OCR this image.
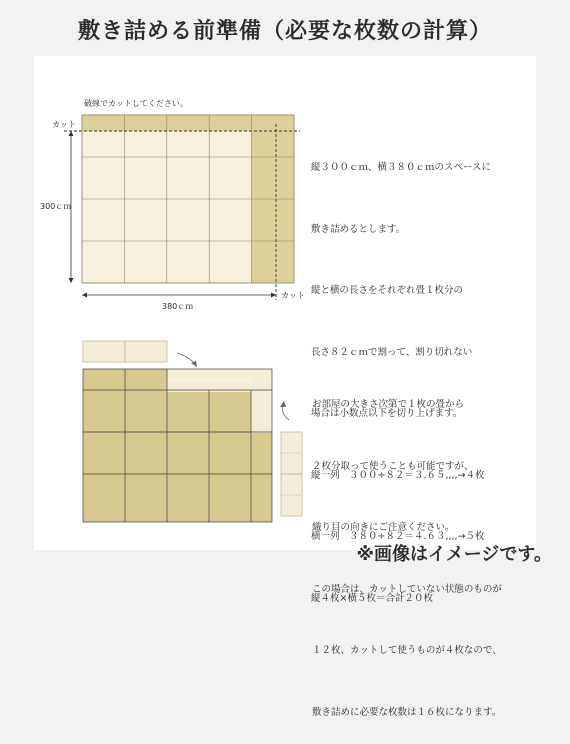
敷き詰める前準備（必要な枚数の計算）
破線でカットしてください。
カット
カット
300ｃｍ
380ｃｍ

縦３００ｃｍ、横３８０ｃｍのスペースに

敷き詰めるとします。

縦と横の長さをそれぞれ畳１枚分の

長さ８２ｃｍで割って、割り切れない

場合は小数点以下を切り上げます。

縦一列　３００÷８２＝３.６５,,,,→４枚

横一列　３８０÷８２＝４.６３,,,,→５枚

縦４枚×横５枚＝合計２０枚

お部屋の大きさ次第で１枚の畳から

２枚分取って使うことも可能ですが、

織り目の向きにご注意ください。

この場合は、カットしていない状態のものが

１２枚、カットして使うものが４枚なので、

敷き詰めに必要な枚数は１６枚になります。

※画像はイメージです。
